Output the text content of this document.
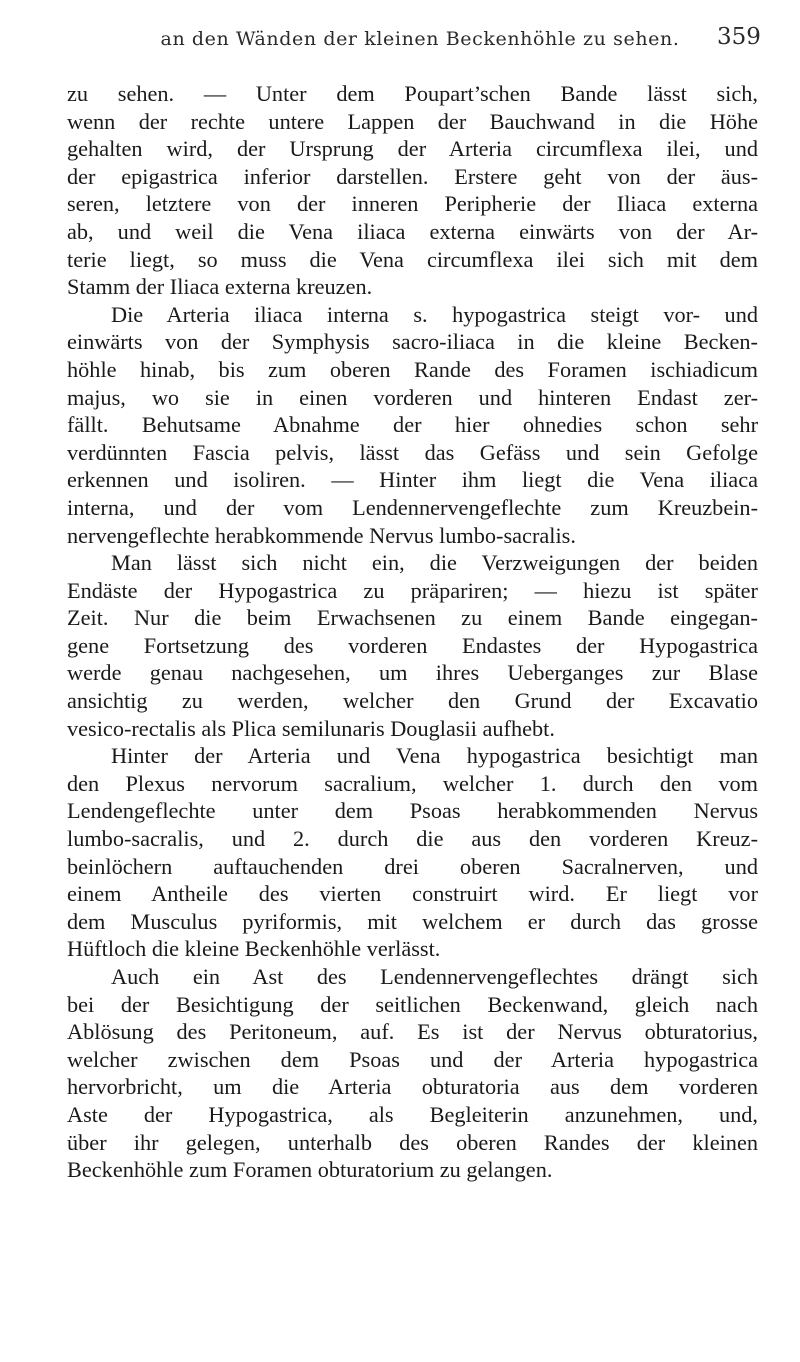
an den Wänden der kleinen Beckenhöhle zu sehen.	359
zu sehen. — Unter dem Poupart’schen Bande lässt sich,
wenn der rechte untere Lappen der Bauchwand in die Höhe
gehalten wird, der Ursprung der Arteria circumflexa ilei, und
der epigastrica inferior darstellen. Erstere geht von der äus-
seren, letztere von der inneren Peripherie der Iliaca externa
ab, und weil die Vena iliaca externa einwärts von der Ar-
terie liegt, so muss die Vena circumflexa ilei sich mit dem
Stamm der Iliaca externa kreuzen.
Die Arteria iliaca interna s. hypogastrica steigt vor- und
einwärts von der Symphysis sacro-iliaca in die kleine Becken-
höhle hinab, bis zum oberen Rande des Foramen ischiadicum
majus, wo sie in einen vorderen und hinteren Endast zer-
fällt. Behutsame Abnahme der hier ohnedies schon sehr
verdünnten Fascia pelvis, lässt das Gefäss und sein Gefolge
erkennen und isoliren. — Hinter ihm liegt die Vena iliaca
interna, und der vom Lendennervengeflechte zum Kreuzbein-
nervengeflechte herabkommende Nervus lumbo-sacralis.
Man lässt sich nicht ein, die Verzweigungen der beiden
Endäste der Hypogastrica zu präpariren; — hiezu ist später
Zeit. Nur die beim Erwachsenen zu einem Bande eingegan-
gene Fortsetzung des vorderen Endastes der Hypogastrica
werde genau nachgesehen, um ihres Ueberganges zur Blase
ansichtig zu werden, welcher den Grund der Excavatio
vesico-rectalis als Plica semilunaris Douglasii aufhebt.
Hinter der Arteria und Vena hypogastrica besichtigt man
den Plexus nervorum sacralium, welcher 1. durch den vom
Lendengeflechte unter dem Psoas herabkommenden Nervus
lumbo-sacralis, und 2. durch die aus den vorderen Kreuz-
beinlöchern auftauchenden drei oberen Sacralnerven, und
einem Antheile des vierten construirt wird. Er liegt vor
dem Musculus pyriformis, mit welchem er durch das grosse
Hüftloch die kleine Beckenhöhle verlässt.
Auch ein Ast des Lendennervengeflechtes drängt sich
bei der Besichtigung der seitlichen Beckenwand, gleich nach
Ablösung des Peritoneum, auf. Es ist der Nervus obturatorius,
welcher zwischen dem Psoas und der Arteria hypogastrica
hervorbricht, um die Arteria obturatoria aus dem vorderen
Aste der Hypogastrica, als Begleiterin anzunehmen, und,
über ihr gelegen, unterhalb des oberen Randes der kleinen
Beckenhöhle zum Foramen obturatorium zu gelangen.
